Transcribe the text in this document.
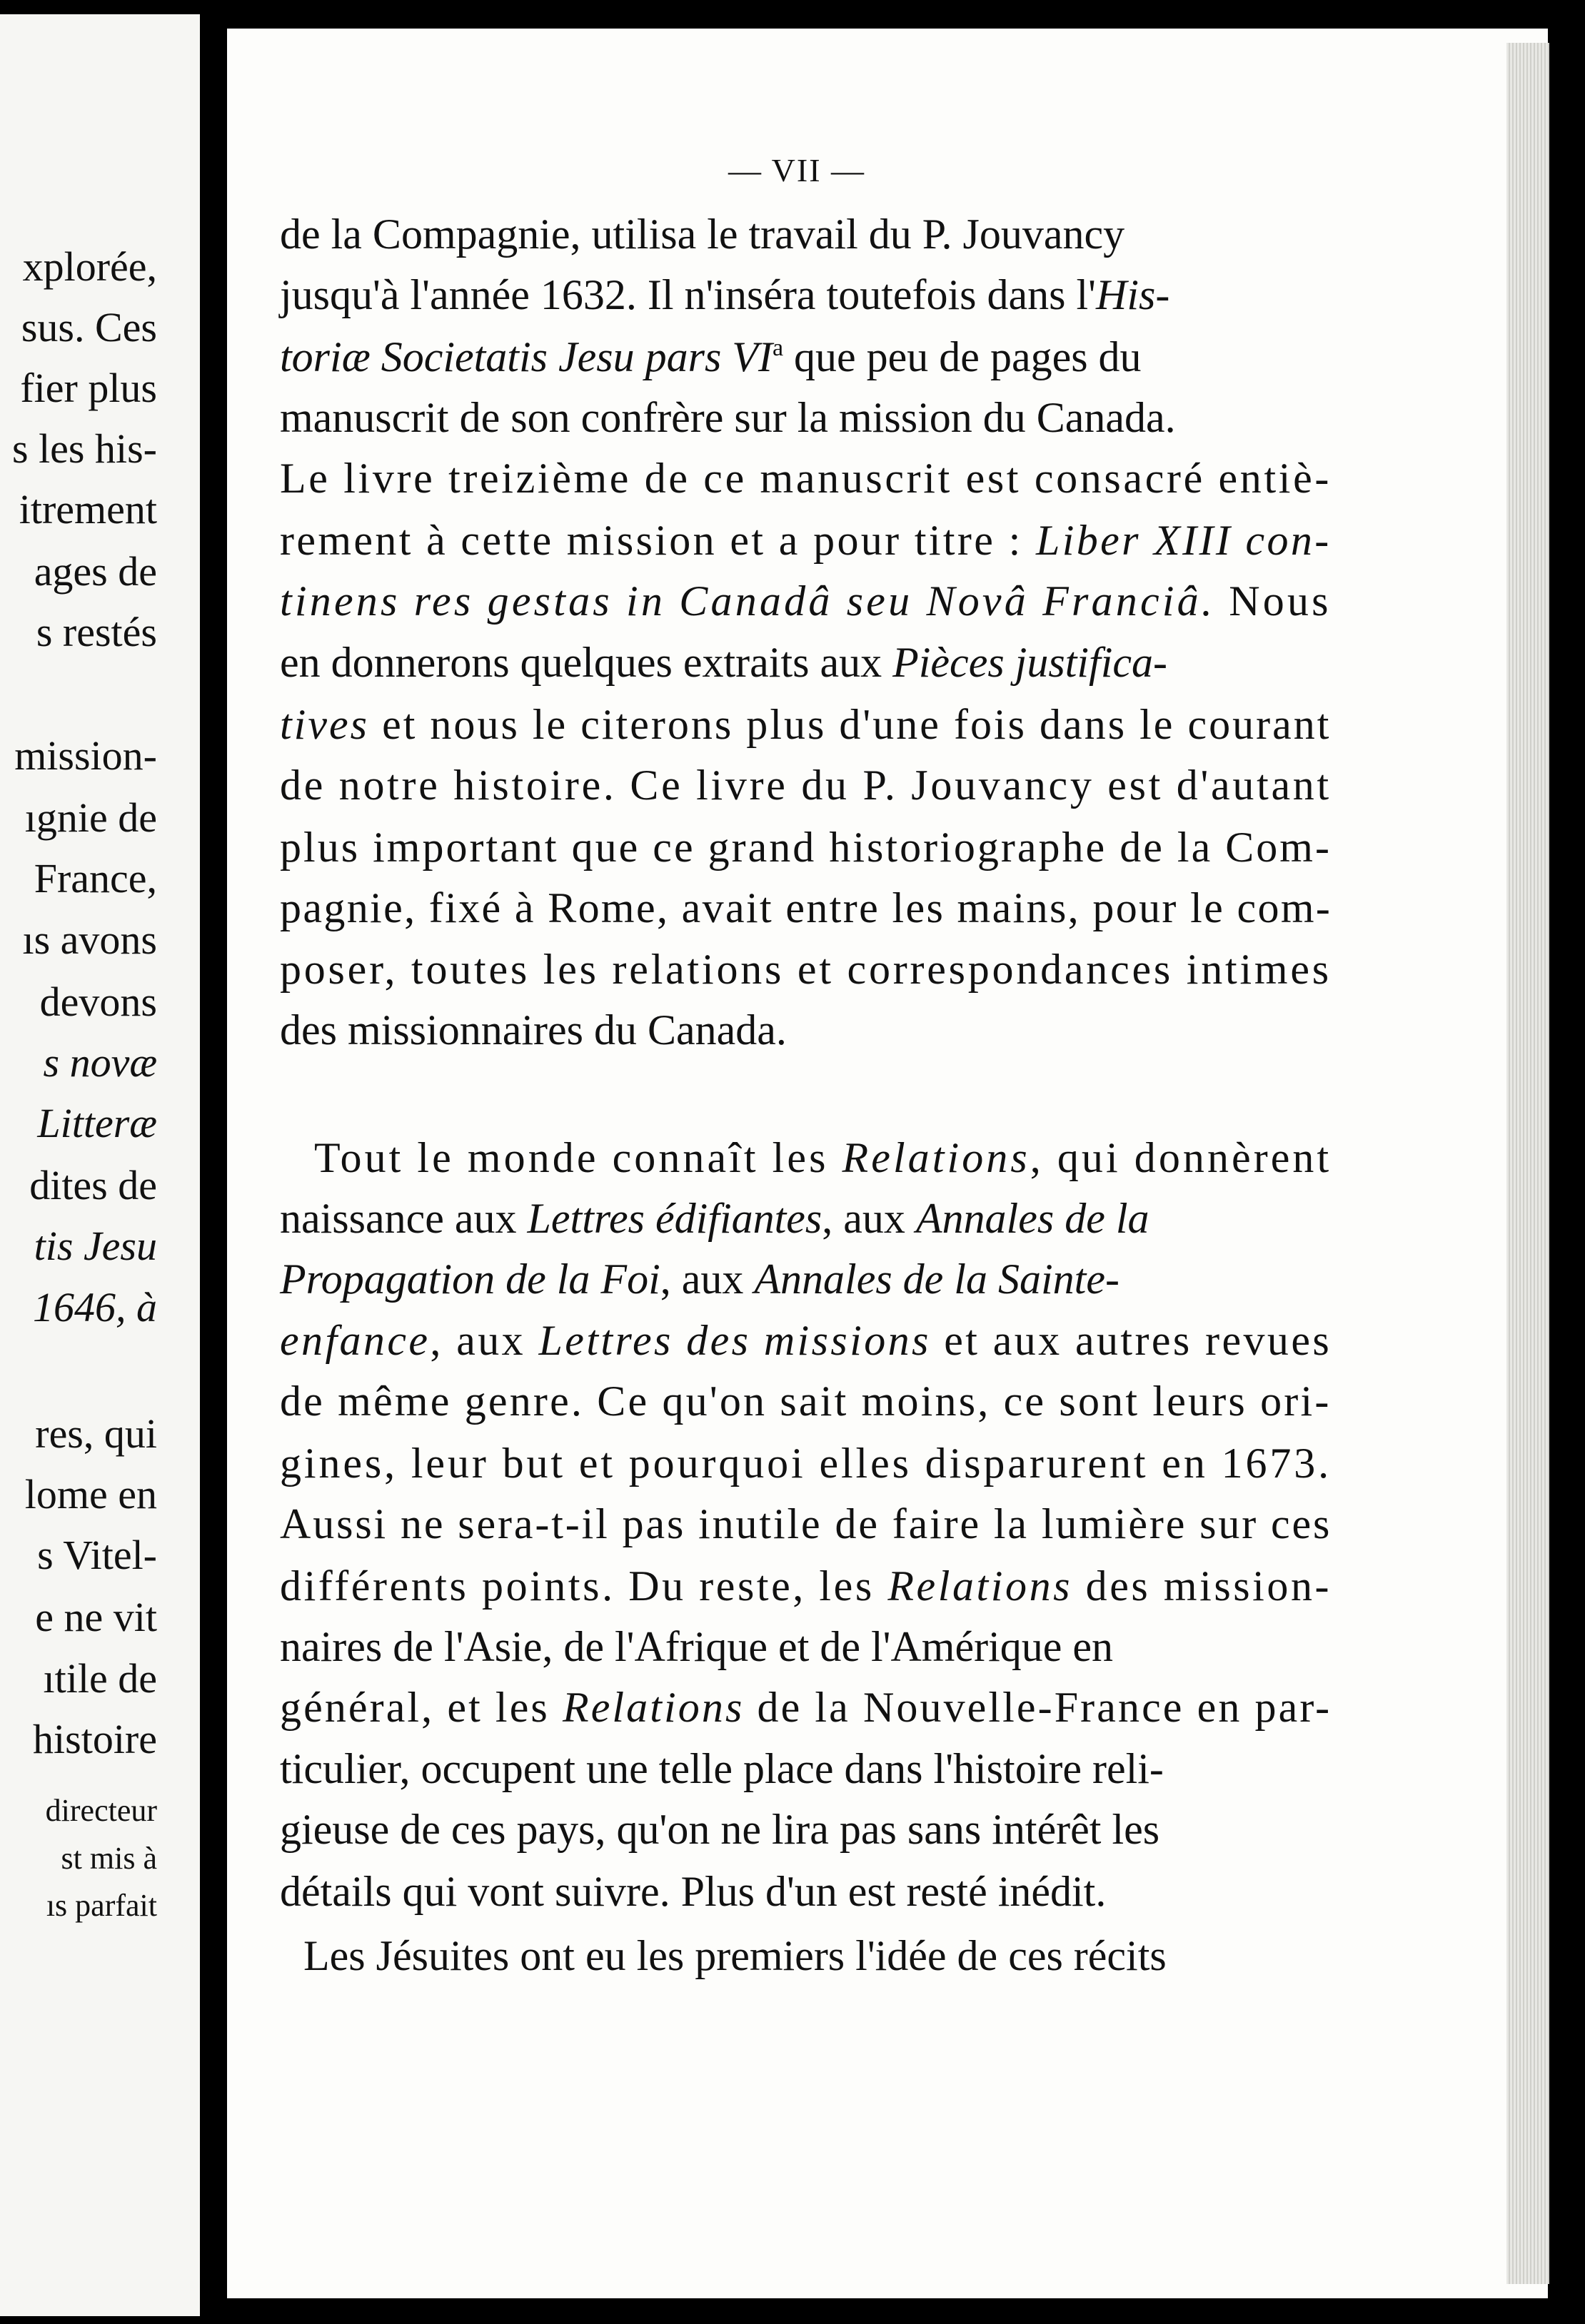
xplorée,
sus. Ces
fier plus
s les his-
itrement
ages de
s restés
mission-
ıgnie de
France,
ıs avons
devons
s novæ
Litteræ
dites de
tis Jesu
1646, à
res, qui
lome en
s Vitel-
e ne vit
ıtile de
histoire
directeur
st mis à
ıs parfait
— VII —
de la Compagnie, utilisa le travail du P. Jouvancy
jusqu'à l'année 1632. Il n'inséra toutefois dans l'His-
toriæ Societatis Jesu pars $VI^a$ que peu de pages du
manuscrit de son confrère sur la mission du Canada.
Le livre treizième de ce manuscrit est consacré entiè-
rement à cette mission et a pour titre : Liber XIII con-
tinens res gestas in Canadâ seu Novâ Franciâ. Nous
en donnerons quelques extraits aux Pièces justifica-
tives et nous le citerons plus d'une fois dans le courant
de notre histoire. Ce livre du P. Jouvancy est d'autant
plus important que ce grand historiographe de la Com-
pagnie, fixé à Rome, avait entre les mains, pour le com-
poser, toutes les relations et correspondances intimes
des missionnaires du Canada.
Tout le monde connaît les Relations, qui donnèrent
naissance aux Lettres édifiantes, aux Annales de la
Propagation de la Foi, aux Annales de la Sainte-
enfance, aux Lettres des missions et aux autres revues
de même genre. Ce qu'on sait moins, ce sont leurs ori-
gines, leur but et pourquoi elles disparurent en 1673.
Aussi ne sera-t-il pas inutile de faire la lumière sur ces
différents points. Du reste, les Relations des mission-
naires de l'Asie, de l'Afrique et de l'Amérique en
général, et les Relations de la Nouvelle-France en par-
ticulier, occupent une telle place dans l'histoire reli-
gieuse de ces pays, qu'on ne lira pas sans intérêt les
détails qui vont suivre. Plus d'un est resté inédit.
Les Jésuites ont eu les premiers l'idée de ces récits
